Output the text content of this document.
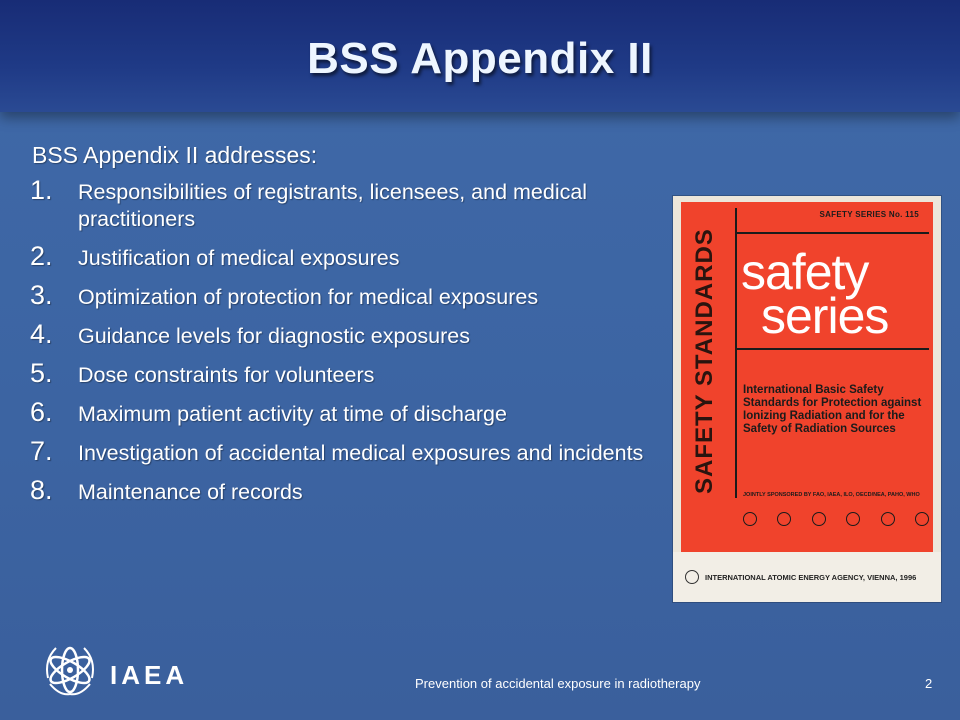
BSS Appendix II
BSS Appendix II addresses:
1. Responsibilities of registrants, licensees, and medical practitioners
2. Justification of medical exposures
3. Optimization of protection for medical exposures
4. Guidance levels for diagnostic exposures
5. Dose constraints for volunteers
6. Maximum patient activity at time of discharge
7. Investigation of accidental medical exposures and incidents
8. Maintenance of records
SAFETY SERIES No. 115
SAFETY STANDARDS safety
series
International Basic Safety Standards for Protection against Ionizing Radiation and for the Safety of Radiation Sources
JOINTLY SPONSORED BY FAO, IAEA, ILO, OECD/NEA, PAHO, WHO
INTERNATIONAL ATOMIC ENERGY AGENCY, VIENNA, 1996
IAEA	Prevention of accidental exposure in radiotherapy	2
